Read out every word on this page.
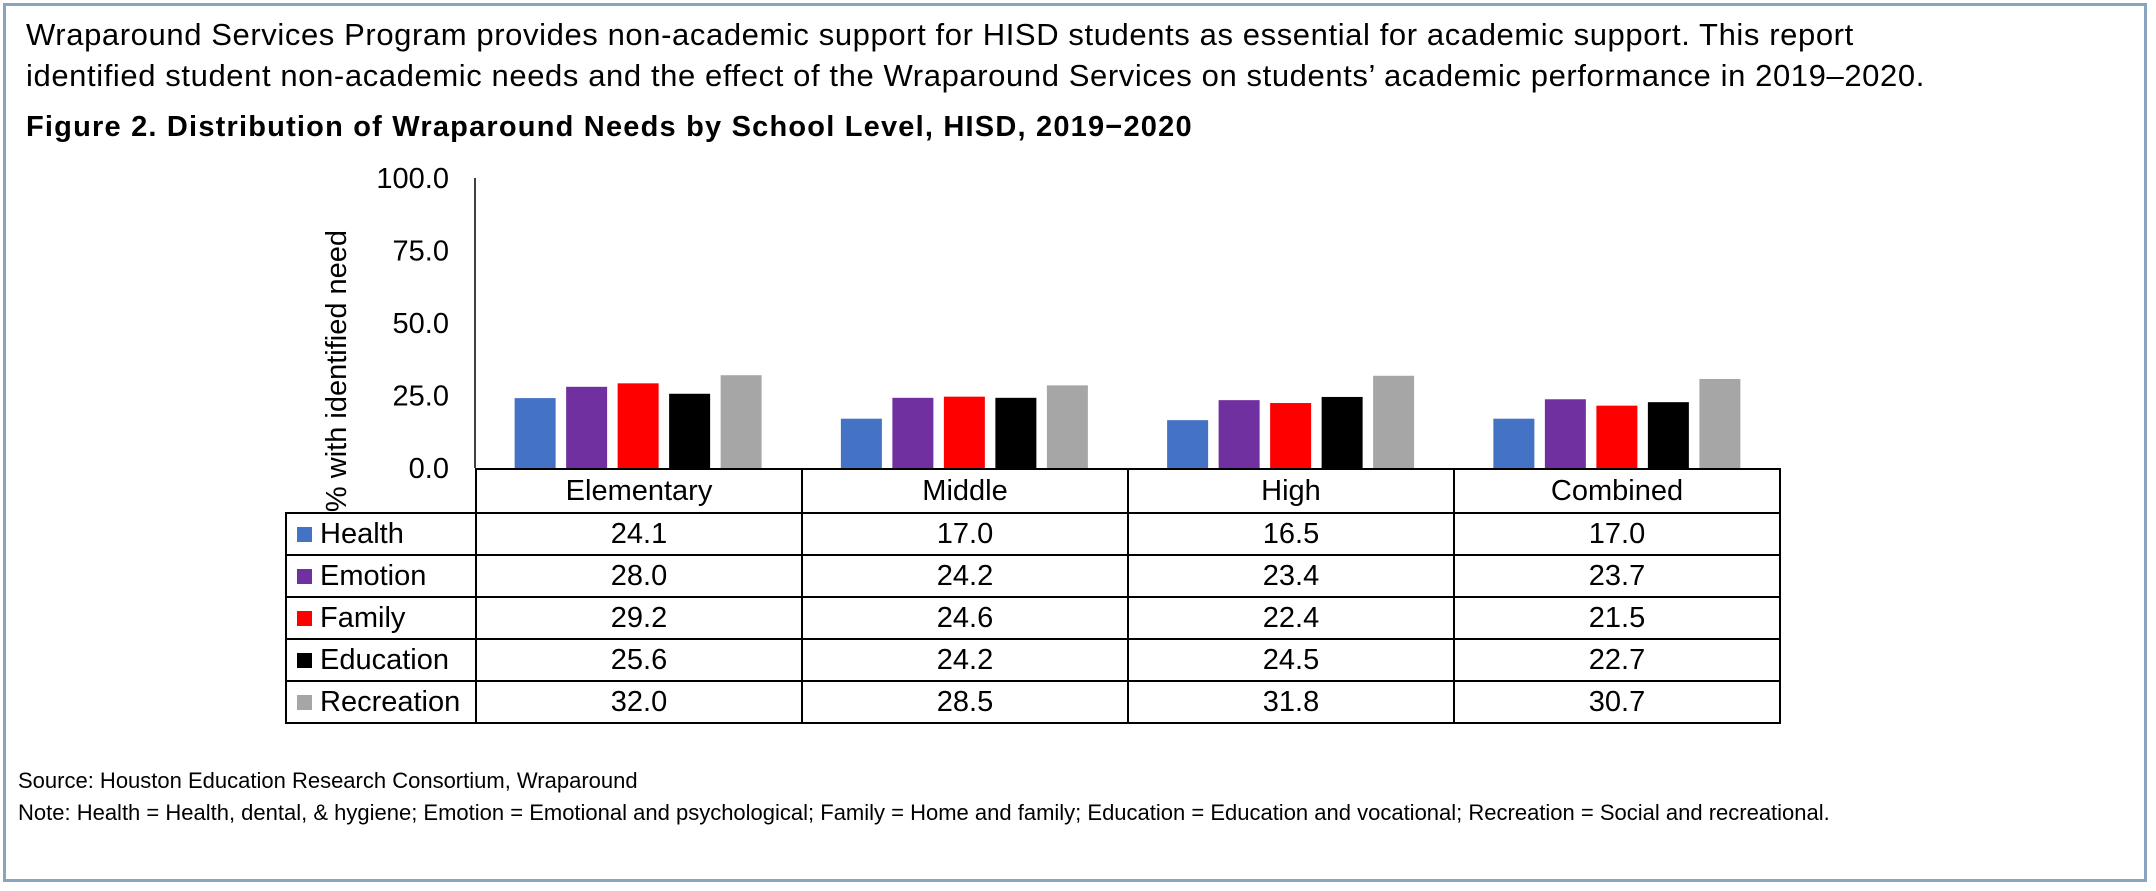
Wraparound Services Program provides non-academic support for HISD students as essential for academic support. This report
identified student non-academic needs and the effect of the Wraparound Services on students’ academic performance in 2019–2020.

Figure 2. Distribution of Wraparound Needs by School Level, HISD, 2019−2020

0.0
25.0
50.0
75.0
100.0
% with identified need
		Elementary	Middle	High	Combined
Health	24.1	17.0	16.5	17.0
Emotion	28.0	24.2	23.4	23.7
Family	29.2	24.6	22.4	21.5
Education	25.6	24.2	24.5	22.7
Recreation	32.0	28.5	31.8	30.7

Source: Houston Education Research Consortium, Wraparound

Note: Health = Health, dental, & hygiene; Emotion = Emotional and psychological; Family = Home and family; Education = Education and vocational; Recreation = Social and recreational.
